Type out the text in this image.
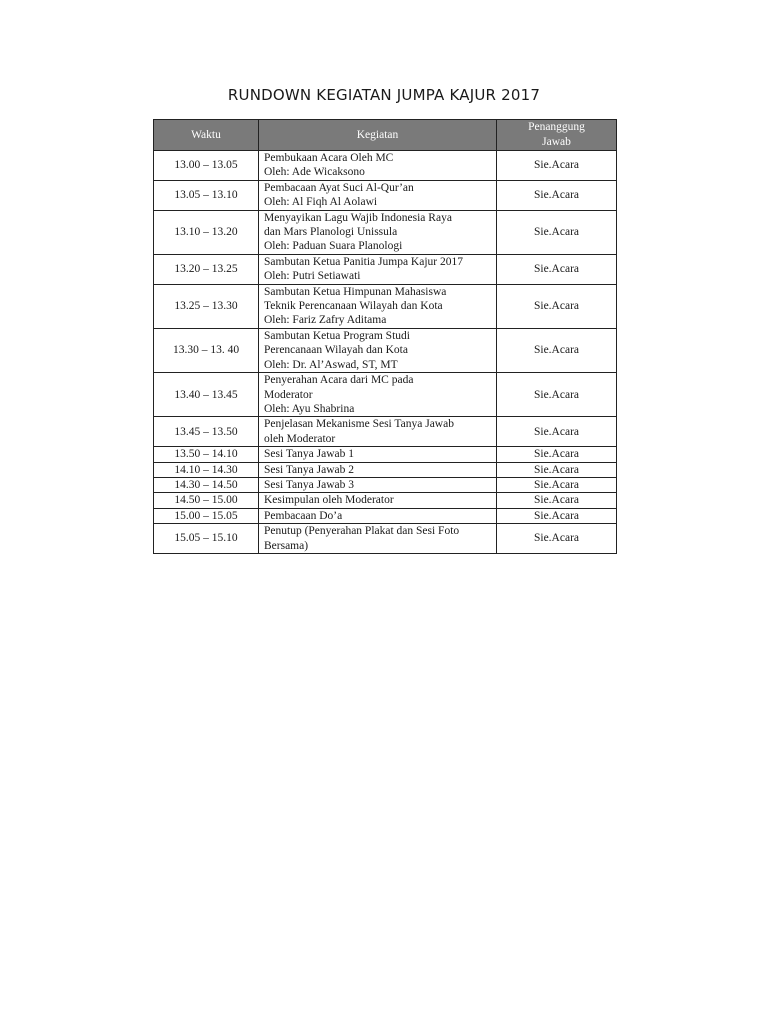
RUNDOWN KEGIATAN JUMPA KAJUR 2017
Waktu	Kegiatan	Penanggung
Jawab

13.00 – 13.05	Pembukaan Acara Oleh MC
Oleh: Ade Wicaksono	Sie.Acara
13.05 – 13.10	Pembacaan Ayat Suci Al-Qur’an
Oleh: Al Fiqh Al Aolawi	Sie.Acara
13.10 – 13.20	Menyayikan Lagu Wajib Indonesia Raya
dan Mars Planologi Unissula
Oleh: Paduan Suara Planologi	Sie.Acara
13.20 – 13.25	Sambutan Ketua Panitia Jumpa Kajur 2017
Oleh: Putri Setiawati	Sie.Acara
13.25 – 13.30	Sambutan Ketua Himpunan Mahasiswa
Teknik Perencanaan Wilayah dan Kota
Oleh: Fariz Zafry Aditama	Sie.Acara
13.30 – 13. 40	Sambutan Ketua Program Studi
Perencanaan Wilayah dan Kota
Oleh: Dr. Al’Aswad, ST, MT	Sie.Acara
13.40 – 13.45	Penyerahan Acara dari MC pada
Moderator
Oleh: Ayu Shabrina	Sie.Acara
13.45 – 13.50	Penjelasan Mekanisme Sesi Tanya Jawab
oleh Moderator	Sie.Acara
13.50 – 14.10	Sesi Tanya Jawab 1	Sie.Acara
14.10 – 14.30	Sesi Tanya Jawab 2	Sie.Acara
14.30 – 14.50	Sesi Tanya Jawab 3	Sie.Acara
14.50 – 15.00	Kesimpulan oleh Moderator	Sie.Acara
15.00 – 15.05	Pembacaan Do’a	Sie.Acara
15.05 – 15.10	Penutup (Penyerahan Plakat dan Sesi Foto
Bersama)	Sie.Acara
